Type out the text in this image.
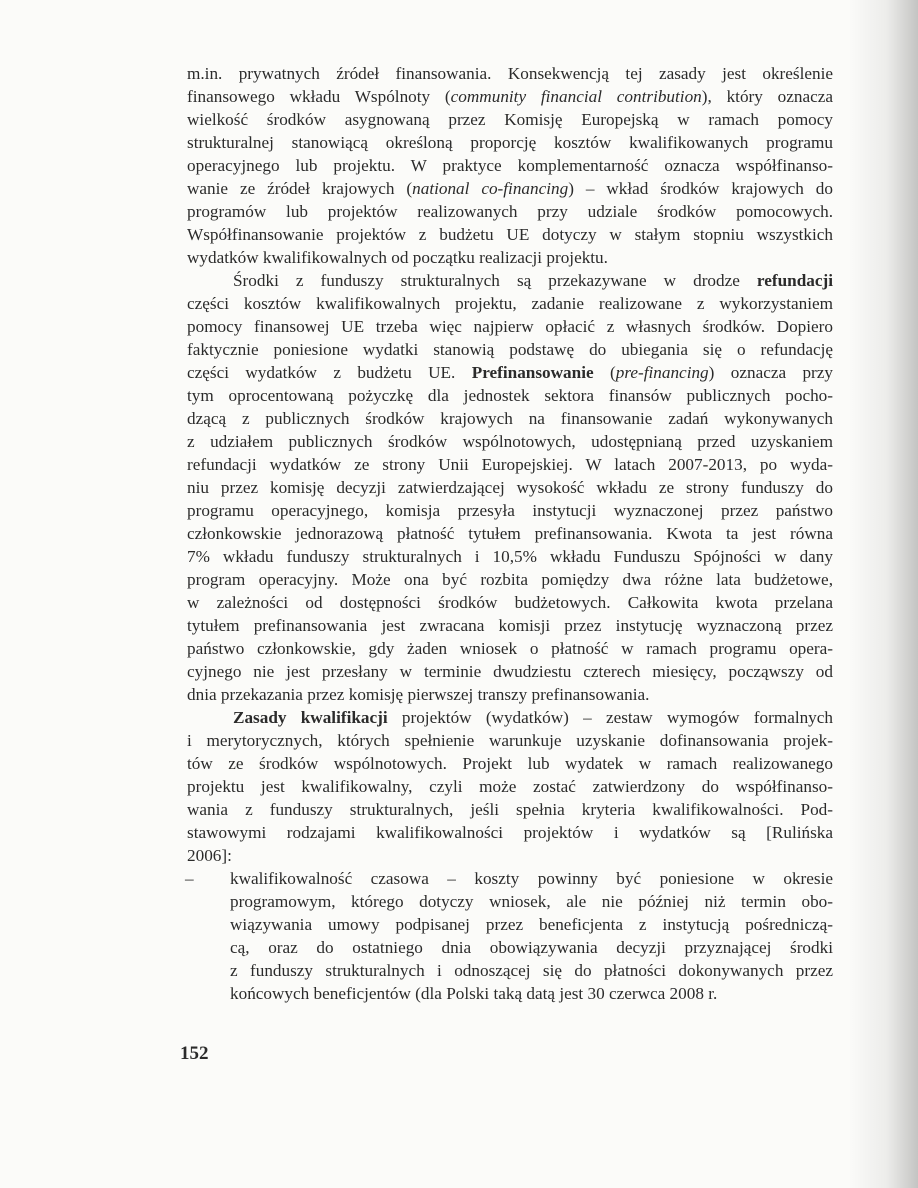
m.in. prywatnych źródeł finansowania. Konsekwencją tej zasady jest określenie
finansowego wkładu Wspólnoty (community financial contribution), który oznacza
wielkość środków asygnowaną przez Komisję Europejską w ramach pomocy
strukturalnej stanowiącą określoną proporcję kosztów kwalifikowanych programu
operacyjnego lub projektu. W praktyce komplementarność oznacza współfinanso-
wanie ze źródeł krajowych (national co-financing) – wkład środków krajowych do
programów lub projektów realizowanych przy udziale środków pomocowych.
Współfinansowanie projektów z budżetu UE dotyczy w stałym stopniu wszystkich
wydatków kwalifikowalnych od początku realizacji projektu.
Środki z funduszy strukturalnych są przekazywane w drodze refundacji
części kosztów kwalifikowalnych projektu, zadanie realizowane z wykorzystaniem
pomocy finansowej UE trzeba więc najpierw opłacić z własnych środków. Dopiero
faktycznie poniesione wydatki stanowią podstawę do ubiegania się o refundację
części wydatków z budżetu UE. Prefinansowanie (pre-financing) oznacza przy
tym oprocentowaną pożyczkę dla jednostek sektora finansów publicznych pocho-
dzącą z publicznych środków krajowych na finansowanie zadań wykonywanych
z udziałem publicznych środków wspólnotowych, udostępnianą przed uzyskaniem
refundacji wydatków ze strony Unii Europejskiej. W latach 2007-2013, po wyda-
niu przez komisję decyzji zatwierdzającej wysokość wkładu ze strony funduszy do
programu operacyjnego, komisja przesyła instytucji wyznaczonej przez państwo
członkowskie jednorazową płatność tytułem prefinansowania. Kwota ta jest równa
7% wkładu funduszy strukturalnych i 10,5% wkładu Funduszu Spójności w dany
program operacyjny. Może ona być rozbita pomiędzy dwa różne lata budżetowe,
w zależności od dostępności środków budżetowych. Całkowita kwota przelana
tytułem prefinansowania jest zwracana komisji przez instytucję wyznaczoną przez
państwo członkowskie, gdy żaden wniosek o płatność w ramach programu opera-
cyjnego nie jest przesłany w terminie dwudziestu czterech miesięcy, począwszy od
dnia przekazania przez komisję pierwszej transzy prefinansowania.
Zasady kwalifikacji projektów (wydatków) – zestaw wymogów formalnych
i merytorycznych, których spełnienie warunkuje uzyskanie dofinansowania projek-
tów ze środków wspólnotowych. Projekt lub wydatek w ramach realizowanego
projektu jest kwalifikowalny, czyli może zostać zatwierdzony do współfinanso-
wania z funduszy strukturalnych, jeśli spełnia kryteria kwalifikowalności. Pod-
stawowymi rodzajami kwalifikowalności projektów i wydatków są [Rulińska
2006]:
– kwalifikowalność czasowa – koszty powinny być poniesione w okresie
programowym, którego dotyczy wniosek, ale nie później niż termin obo-
wiązywania umowy podpisanej przez beneficjenta z instytucją pośredniczą-
cą, oraz do ostatniego dnia obowiązywania decyzji przyznającej środki
z funduszy strukturalnych i odnoszącej się do płatności dokonywanych przez
końcowych beneficjentów (dla Polski taką datą jest 30 czerwca 2008 r.
152
